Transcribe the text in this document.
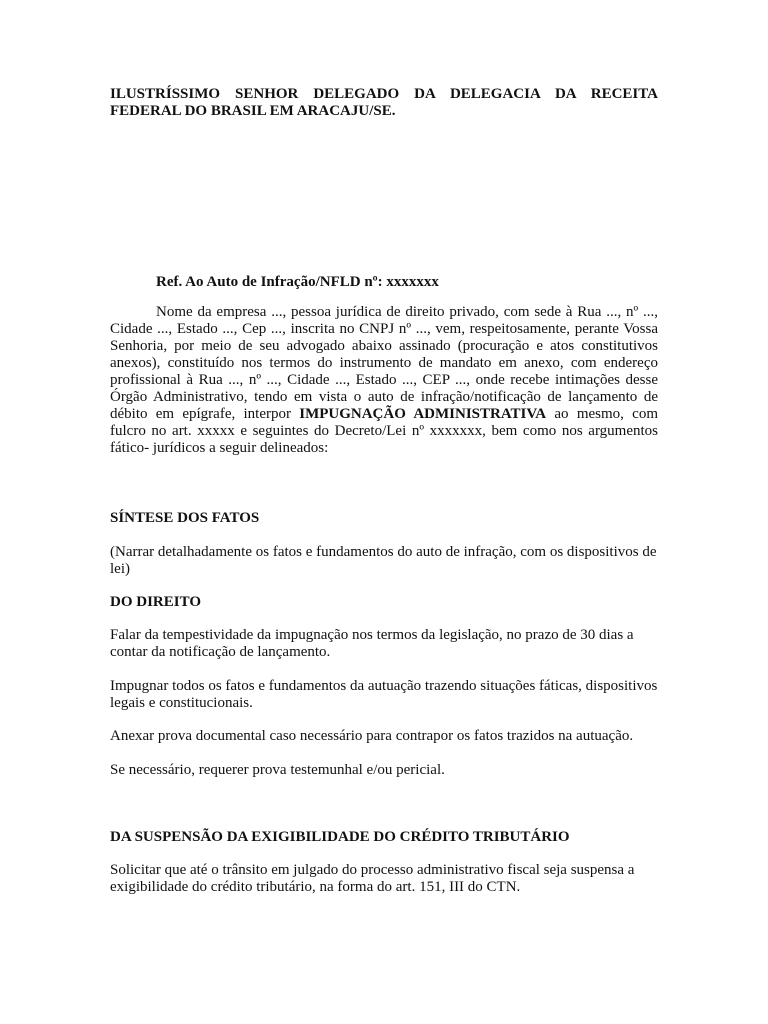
ILUSTRÍSSIMO SENHOR DELEGADO DA DELEGACIA DA RECEITA FEDERAL DO BRASIL EM ARACAJU/SE.

Ref. Ao Auto de Infração/NFLD nº: xxxxxxx

Nome da empresa ..., pessoa jurídica de direito privado, com sede à Rua ..., nº ..., Cidade ..., Estado ..., Cep ..., inscrita no CNPJ nº ..., vem, respeitosamente, perante Vossa Senhoria, por meio de seu advogado abaixo assinado (procuração e atos constitutivos anexos), constituído nos termos do instrumento de mandato em anexo, com endereço profissional à Rua ..., nº ..., Cidade ..., Estado ..., CEP ..., onde recebe intimações desse Órgão Administrativo, tendo em vista o auto de infração/notificação de lançamento de débito em epígrafe, interpor IMPUGNAÇÃO ADMINISTRATIVA ao mesmo, com fulcro no art. xxxxx e seguintes do Decreto/Lei nº xxxxxxx, bem como nos argumentos fático- jurídicos a seguir delineados:

SÍNTESE DOS FATOS

(Narrar detalhadamente os fatos e fundamentos do auto de infração, com os dispositivos de lei)

DO DIREITO

Falar da tempestividade da impugnação nos termos da legislação, no prazo de 30 dias a contar da notificação de lançamento.

Impugnar todos os fatos e fundamentos da autuação trazendo situações fáticas, dispositivos legais e constitucionais.

Anexar prova documental caso necessário para contrapor os fatos trazidos na autuação.

Se necessário, requerer prova testemunhal e/ou pericial.

DA SUSPENSÃO DA EXIGIBILIDADE DO CRÉDITO TRIBUTÁRIO

Solicitar que até o trânsito em julgado do processo administrativo fiscal seja suspensa a exigibilidade do crédito tributário, na forma do art. 151, III do CTN.
